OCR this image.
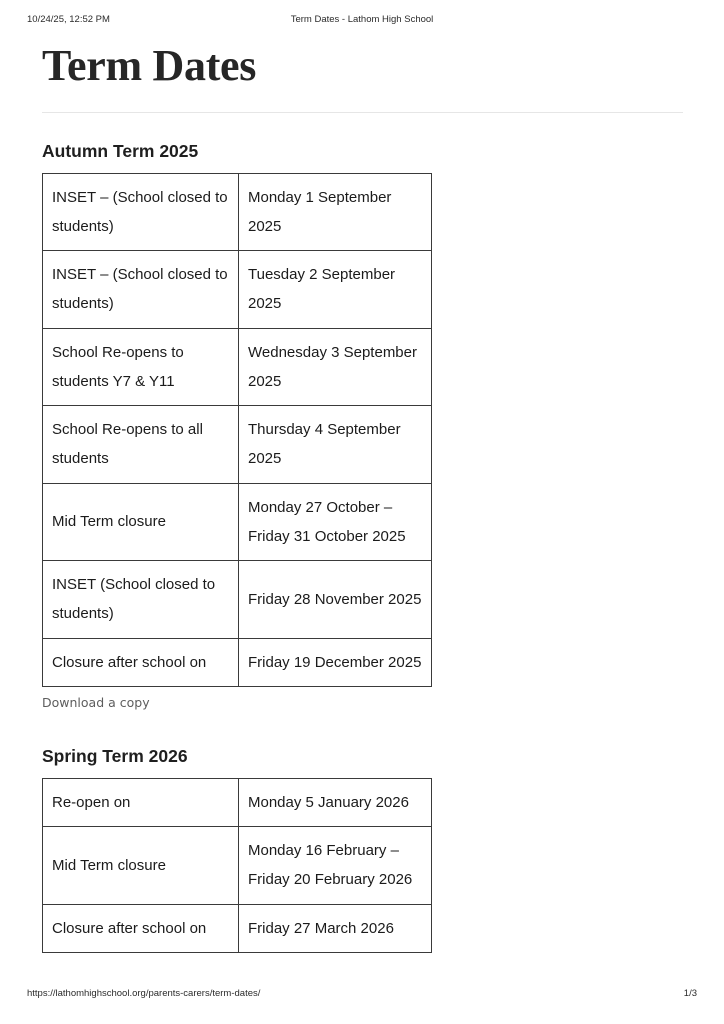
10/24/25, 12:52 PM	Term Dates - Lathom High School
Term Dates
Autumn Term 2025
INSET – (School closed to students)	Monday 1 September 2025
INSET – (School closed to students)	Tuesday 2 September 2025
School Re-opens to students Y7 & Y11	Wednesday 3 September 2025
School Re-opens to all students	Thursday 4 September 2025
Mid Term closure	Monday 27 October – Friday 31 October 2025
INSET (School closed to students)	Friday 28 November 2025
Closure after school on	Friday 19 December 2025
Download a copy
Spring Term 2026
Re-open on	Monday 5 January 2026
Mid Term closure	Monday 16 February – Friday 20 February 2026
Closure after school on	Friday 27 March 2026
https://lathomhighschool.org/parents-carers/term-dates/	1/3
